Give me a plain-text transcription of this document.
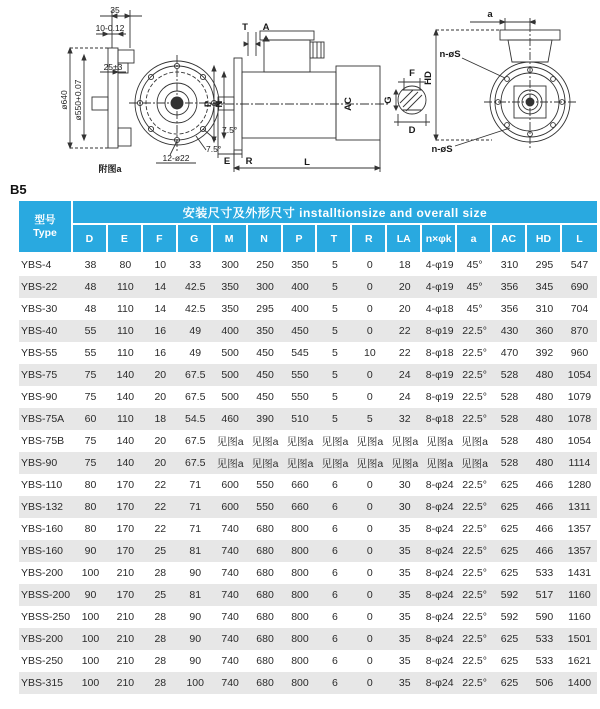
35
10-0.12
25±3
ø640 ø550+0.07
12-ø22
7.5°
7.5°
附图a
T A
P N	AC
E R	L
F
G
D
HD
a
n-øS
n-øS
B5
型号
Type	安装尺寸及外形尺寸 installtionsize and overall size														
	D	E	F	G	M	N	P	T	R	LA	n×φk	a	AC	HD	L
YBS-4	38	80	10	33	300	250	350	5	0	18	4-φ19	45°	310	295	547
YBS-22	48	110	14	42.5	350	300	400	5	0	20	4-φ19	45°	356	345	690
YBS-30	48	110	14	42.5	350	295	400	5	0	20	4-φ18	45°	356	310	704
YBS-40	55	110	16	49	400	350	450	5	0	22	8-φ19	22.5°	430	360	870
YBS-55	55	110	16	49	500	450	545	5	10	22	8-φ18	22.5°	470	392	960
YBS-75	75	140	20	67.5	500	450	550	5	0	24	8-φ19	22.5°	528	480	1054
YBS-90	75	140	20	67.5	500	450	550	5	0	24	8-φ19	22.5°	528	480	1079
YBS-75A	60	110	18	54.5	460	390	510	5	5	32	8-φ18	22.5°	528	480	1078
YBS-75B	75	140	20	67.5	见图a	见图a	见图a	见图a	见图a	见图a	见图a	见图a	528	480	1054
YBS-90	75	140	20	67.5	见图a	见图a	见图a	见图a	见图a	见图a	见图a	见图a	528	480	1114
YBS-110	80	170	22	71	600	550	660	6	0	30	8-φ24	22.5°	625	466	1280
YBS-132	80	170	22	71	600	550	660	6	0	30	8-φ24	22.5°	625	466	1311
YBS-160	80	170	22	71	740	680	800	6	0	35	8-φ24	22.5°	625	466	1357
YBS-160	90	170	25	81	740	680	800	6	0	35	8-φ24	22.5°	625	466	1357
YBS-200	100	210	28	90	740	680	800	6	0	35	8-φ24	22.5°	625	533	1431
YBSS-200	90	170	25	81	740	680	800	6	0	35	8-φ24	22.5°	592	517	1160
YBSS-250	100	210	28	90	740	680	800	6	0	35	8-φ24	22.5°	592	590	1160
YBS-200	100	210	28	90	740	680	800	6	0	35	8-φ24	22.5°	625	533	1501
YBS-250	100	210	28	90	740	680	800	6	0	35	8-φ24	22.5°	625	533	1621
YBS-315	100	210	28	100	740	680	800	6	0	35	8-φ24	22.5°	625	506	1400
